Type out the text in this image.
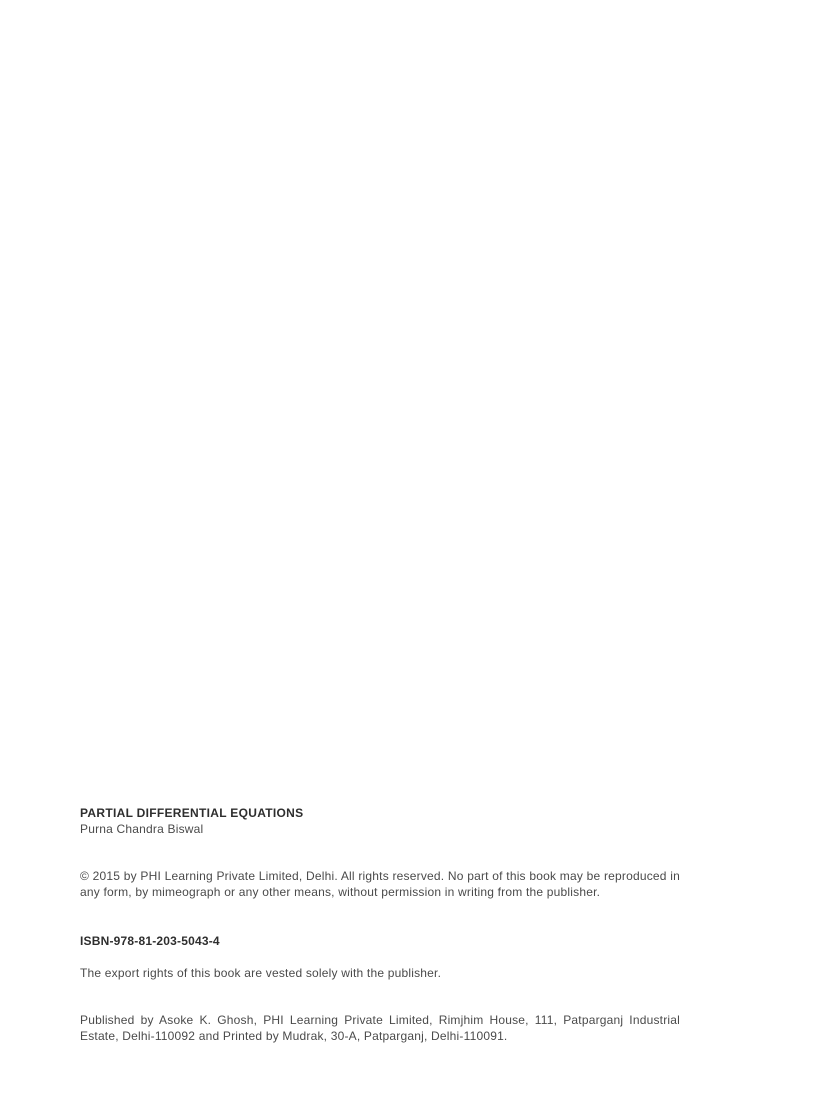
PARTIAL DIFFERENTIAL EQUATIONS
Purna Chandra Biswal
© 2015 by PHI Learning Private Limited, Delhi. All rights reserved. No part of this book may be reproduced in any form, by mimeograph or any other means, without permission in writing from the publisher.
ISBN-978-81-203-5043-4
The export rights of this book are vested solely with the publisher.
Published by Asoke K. Ghosh, PHI Learning Private Limited, Rimjhim House, 111, Patparganj Industrial Estate, Delhi-110092 and Printed by Mudrak, 30-A, Patparganj, Delhi-110091.
